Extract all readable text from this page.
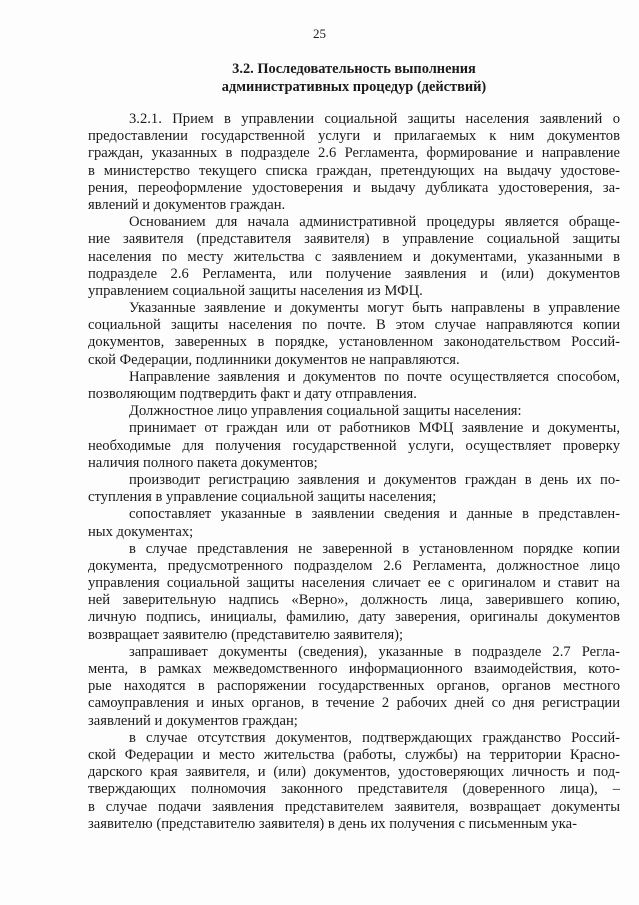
25
3.2. Последовательность выполнения
административных процедур (действий)
3.2.1. Прием в управлении социальной защиты населения заявлений о
предоставлении государственной услуги и прилагаемых к ним документов
граждан, указанных в подразделе 2.6 Регламента, формирование и направление
в министерство текущего списка граждан, претендующих на выдачу удостове-
рения, переоформление удостоверения и выдачу дубликата удостоверения, за-
явлений и документов граждан.
Основанием для начала административной процедуры является обраще-
ние заявителя (представителя заявителя) в управление социальной защиты
населения по месту жительства с заявлением и документами, указанными в
подразделе 2.6 Регламента, или получение заявления и (или) документов
управлением социальной защиты населения из МФЦ.
Указанные заявление и документы могут быть направлены в управление
социальной защиты населения по почте. В этом случае направляются копии
документов, заверенных в порядке, установленном законодательством Россий-
ской Федерации, подлинники документов не направляются.
Направление заявления и документов по почте осуществляется способом,
позволяющим подтвердить факт и дату отправления.
Должностное лицо управления социальной защиты населения:
принимает от граждан или от работников МФЦ заявление и документы,
необходимые для получения государственной услуги, осуществляет проверку
наличия полного пакета документов;
производит регистрацию заявления и документов граждан в день их по-
ступления в управление социальной защиты населения;
сопоставляет указанные в заявлении сведения и данные в представлен-
ных документах;
в случае представления не заверенной в установленном порядке копии
документа, предусмотренного подразделом 2.6 Регламента, должностное лицо
управления социальной защиты населения сличает ее с оригиналом и ставит на
ней заверительную надпись «Верно», должность лица, заверившего копию,
личную подпись, инициалы, фамилию, дату заверения, оригиналы документов
возвращает заявителю (представителю заявителя);
запрашивает документы (сведения), указанные в подразделе 2.7 Регла-
мента, в рамках межведомственного информационного взаимодействия, кото-
рые находятся в распоряжении государственных органов, органов местного
самоуправления и иных органов, в течение 2 рабочих дней со дня регистрации
заявлений и документов граждан;
в случае отсутствия документов, подтверждающих гражданство Россий-
ской Федерации и место жительства (работы, службы) на территории Красно-
дарского края заявителя, и (или) документов, удостоверяющих личность и под-
тверждающих полномочия законного представителя (доверенного лица), –
в случае подачи заявления представителем заявителя, возвращает документы
заявителю (представителю заявителя) в день их получения с письменным ука-
